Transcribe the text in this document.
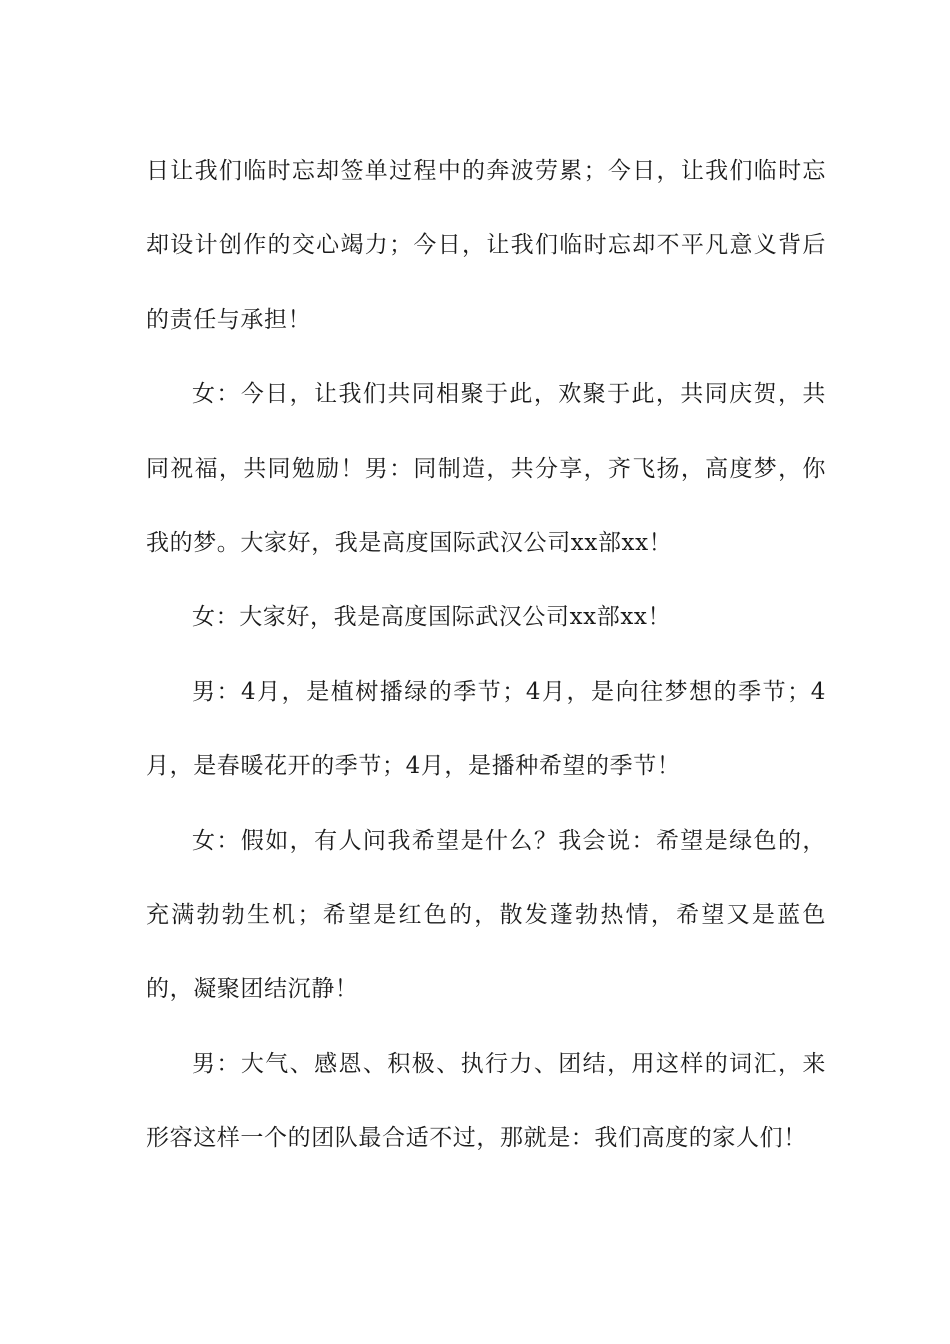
日让我们临时忘却签单过程中的奔波劳累；今日，让我们临时忘却设计创作的交心竭力；今日，让我们临时忘却不平凡意义背后的责任与承担！

女：今日，让我们共同相聚于此，欢聚于此，共同庆贺，共同祝福，共同勉励！男：同制造，共分享，齐飞扬，高度梦，你我的梦。大家好，我是高度国际武汉公司xx部xx！

女：大家好，我是高度国际武汉公司xx部xx！

男：4月，是植树播绿的季节；4月，是向往梦想的季节；4月，是春暖花开的季节；4月，是播种希望的季节！

女：假如，有人问我希望是什么？我会说：希望是绿色的，充满勃勃生机；希望是红色的，散发蓬勃热情，希望又是蓝色的，凝聚团结沉静！

男：大气、感恩、积极、执行力、团结，用这样的词汇，来形容这样一个的团队最合适不过，那就是：我们高度的家人们！
